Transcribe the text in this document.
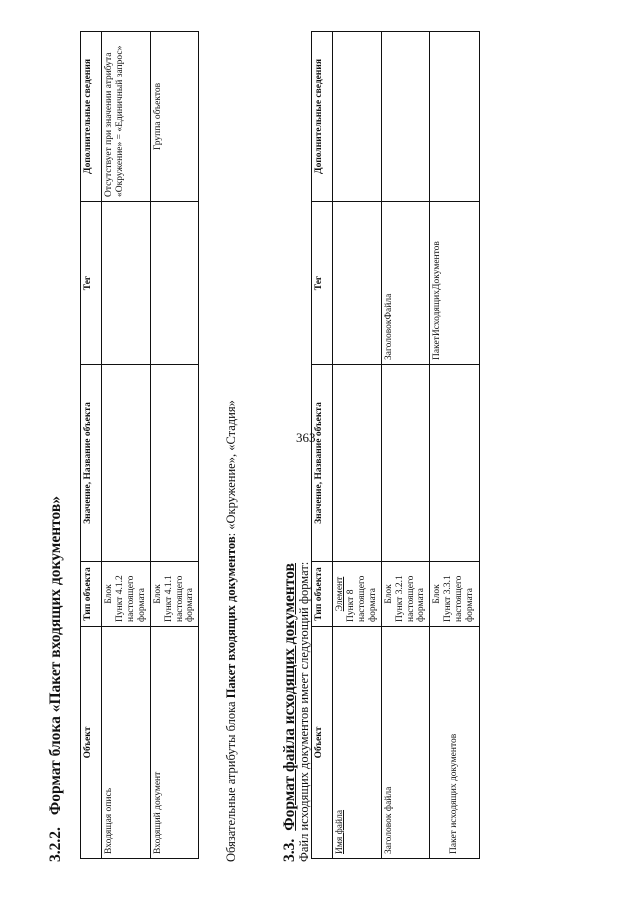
363
3.2.2.Формат блока «Пакет входящих документов» Объект	Тип объекта	Значение, Название объекта	Тег	Дополнительные сведения
Входящая опись	Блок Пункт 4.1.2 настоящего формата			Отсутствует при значении атрибута «Окружение» = «Единичный запрос»
Входящий документ	Блок Пункт 4.1.1 настоящего формата			Группа объектов
Обязательные атрибуты блока Пакет входящих документов: «Окружение», «Стадия»
3.3.Формат файла исходящих документов Файл исходящих документов имеет следующий формат: Объект	Тип объекта	Значение, Название объекта	Тег	Дополнительные сведения
Имя файла	Элемент Пункт 8 настоящего формата			

Заголовок файла	Блок Пункт 3.2.1 настоящего формата		ЗаголовокФайла	
Пакет исходящих документов	Блок Пункт 3.3.1 настоящего формата		ПакетИсходящихДокументов	
